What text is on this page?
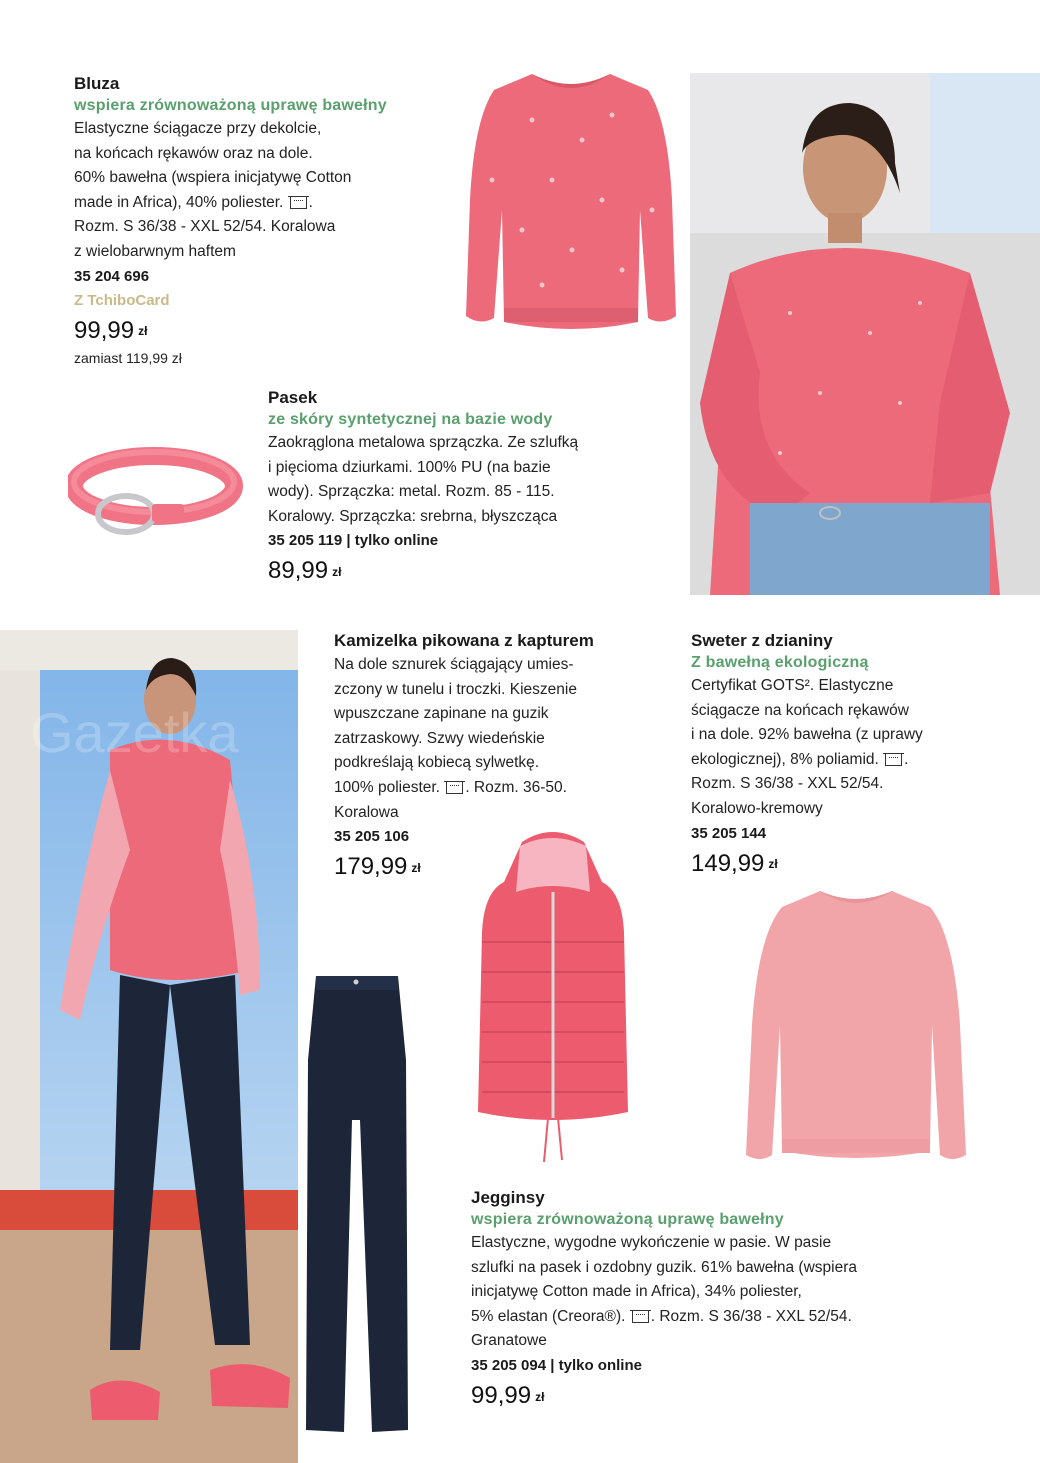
Bluza
wspiera zrównoważoną uprawę bawełny
Elastyczne ściągacze przy dekolcie,
na końcach rękawów oraz na dole.
60% bawełna (wspiera inicjatywę Cotton
made in Africa), 40% poliester. .
Rozm. S 36/38 - XXL 52/54. Koralowa
z wielobarwnym haftem
35 204 696
Z TchiboCard
99,99 zł
zamiast 119,99 zł
Pasek
ze skóry syntetycznej na bazie wody
Zaokrąglona metalowa sprzączka. Ze szlufką
i pięcioma dziurkami. 100% PU (na bazie
wody). Sprzączka: metal. Rozm. 85 - 115.
Koralowy. Sprzączka: srebrna, błyszcząca
35 205 119 | tylko online
89,99 zł
Gazetka
Kamizelka pikowana z kapturem
Na dole sznurek ściągający umies-
zczony w tunelu i troczki. Kieszenie
wpuszczane zapinane na guzik
zatrzaskowy. Szwy wiedeńskie
podkreślają kobiecą sylwetkę.
100% poliester. . Rozm. 36-50.
Koralowa
35 205 106
179,99 zł
Sweter z dzianiny
Z bawełną ekologiczną
Certyfikat GOTS². Elastyczne
ściągacze na końcach rękawów
i na dole. 92% bawełna (z uprawy
ekologicznej), 8% poliamid. .
Rozm. S 36/38 - XXL 52/54.
Koralowo-kremowy
35 205 144
149,99 zł
Jegginsy
wspiera zrównoważoną uprawę bawełny
Elastyczne, wygodne wykończenie w pasie. W pasie
szlufki na pasek i ozdobny guzik. 61% bawełna (wspiera
inicjatywę Cotton made in Africa), 34% poliester,
5% elastan (Creora®). . Rozm. S 36/38 - XXL 52/54.
Granatowe
35 205 094 | tylko online
99,99 zł
